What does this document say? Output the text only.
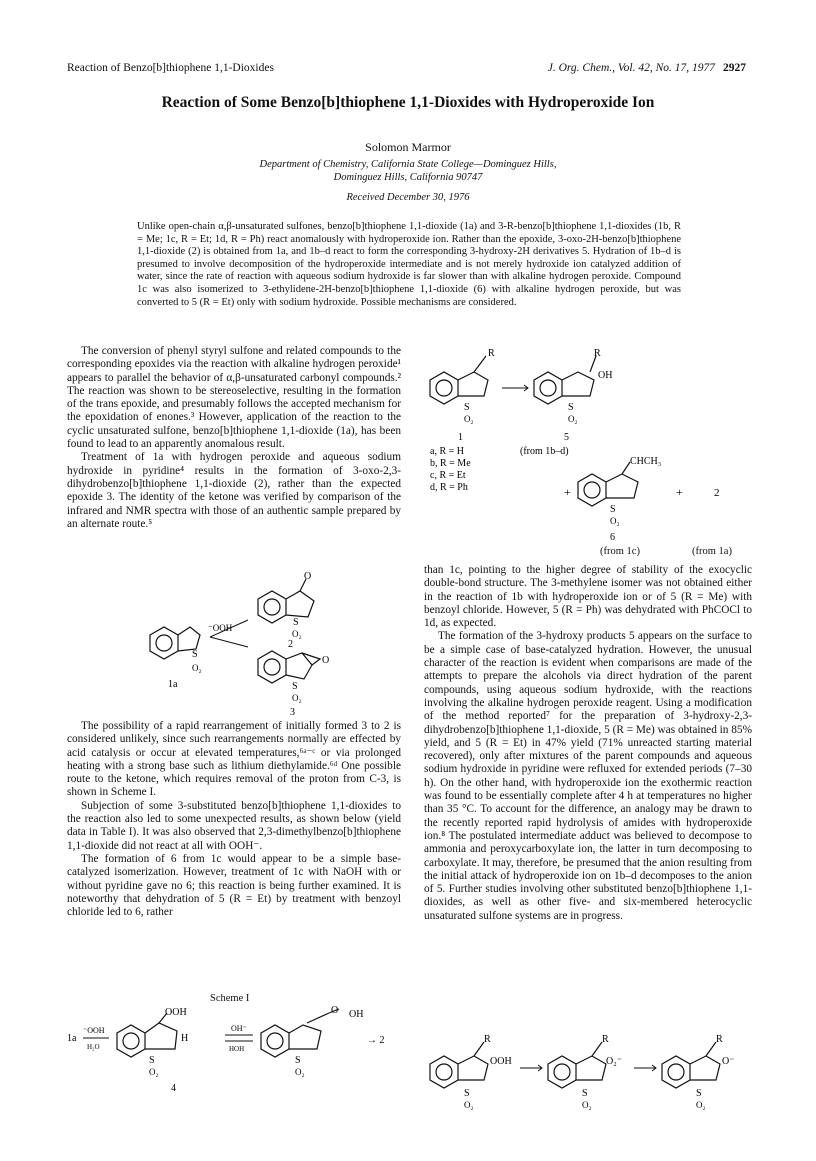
Reaction of Benzo[b]thiophene 1,1-Dioxides	J. Org. Chem., Vol. 42, No. 17, 1977 2927
Reaction of Some Benzo[b]thiophene 1,1-Dioxides with Hydroperoxide Ion
Solomon Marmor
Department of Chemistry, California State College—Dominguez Hills,
Dominguez Hills, California 90747
Received December 30, 1976
Unlike open-chain α,β-unsaturated sulfones, benzo[b]thiophene 1,1-dioxide (1a) and 3-R-benzo[b]thiophene 1,1-dioxides (1b, R = Me; 1c, R = Et; 1d, R = Ph) react anomalously with hydroperoxide ion. Rather than the epoxide, 3-oxo-2H-benzo[b]thiophene 1,1-dioxide (2) is obtained from 1a, and 1b–d react to form the corresponding 3-hydroxy-2H derivatives 5. Hydration of 1b–d is presumed to involve decomposition of the hydroperoxide intermediate and is not merely hydroxide ion catalyzed addition of water, since the rate of reaction with aqueous sodium hydroxide is far slower than with alkaline hydrogen peroxide. Compound 1c was also isomerized to 3-ethylidene-2H-benzo[b]thiophene 1,1-dioxide (6) with alkaline hydrogen peroxide, but was converted to 5 (R = Et) only with sodium hydroxide. Possible mechanisms are considered.

The conversion of phenyl styryl sulfone and related compounds to the corresponding epoxides via the reaction with alkaline hydrogen peroxide¹ appears to parallel the behavior of α,β-unsaturated carbonyl compounds.² The reaction was shown to be stereoselective, resulting in the formation of the trans epoxide, and presumably follows the accepted mechanism for the epoxidation of enones.³ However, application of the reaction to the cyclic unsaturated sulfone, benzo[b]thiophene 1,1-dioxide (1a), has been found to lead to an apparently anomalous result.

Treatment of 1a with hydrogen peroxide and aqueous sodium hydroxide in pyridine⁴ results in the formation of 3-oxo-2,3-dihydrobenzo[b]thiophene 1,1-dioxide (2), rather than the expected epoxide 3. The identity of the ketone was verified by comparison of the infrared and NMR spectra with those of an authentic sample prepared by an alternate route.⁵

S
O₂
1a
⁻OOH
O
S
O₂
2
O
S
O₂
3

The possibility of a rapid rearrangement of initially formed 3 to 2 is considered unlikely, since such rearrangements normally are effected by acid catalysis or occur at elevated temperatures,⁶ᵃ⁻ᶜ or via prolonged heating with a strong base such as lithium diethylamide.⁶ᵈ One possible route to the ketone, which requires removal of the proton from C-3, is shown in Scheme I.

Subjection of some 3-substituted benzo[b]thiophene 1,1-dioxides to the reaction also led to some unexpected results, as shown below (yield data in Table I). It was also observed that 2,3-dimethylbenzo[b]thiophene 1,1-dioxide did not react at all with OOH⁻.

The formation of 6 from 1c would appear to be a simple base-catalyzed isomerization. However, treatment of 1c with NaOH with or without pyridine gave no 6; this reaction is being further examined. It is noteworthy that dehydration of 5 (R = Et) by treatment with benzoyl chloride led to 6, rather

Scheme I
1a
⁻OOH
H₂O
OOH
H
S
O₂
4
OH⁻
HOH
O OH
S
O₂
→ 2
R
S
O₂
R
OH
S
O₂
1	5
a, R = H
b, R = Me
c, R = Et
d, R = Ph
(from 1b–d)
+
CHCH₃
S
O₂
+	2
6
(from 1c)	(from 1a)

than 1c, pointing to the higher degree of stability of the exocyclic double-bond structure. The 3-methylene isomer was not obtained either in the reaction of 1b with hydroperoxide ion or of 5 (R = Me) with benzoyl chloride. However, 5 (R = Ph) was dehydrated with PhCOCl to 1d, as expected.

The formation of the 3-hydroxy products 5 appears on the surface to be a simple case of base-catalyzed hydration. However, the unusual character of the reaction is evident when comparisons are made of the attempts to prepare the alcohols via direct hydration of the parent compounds, using aqueous sodium hydroxide, with the reactions involving the alkaline hydrogen peroxide reagent. Using a modification of the method reported⁷ for the preparation of 3-hydroxy-2,3-dihydrobenzo[b]thiophene 1,1-dioxide, 5 (R = Me) was obtained in 85% yield, and 5 (R = Et) in 47% yield (71% unreacted starting material recovered), only after mixtures of the parent compounds and aqueous sodium hydroxide in pyridine were refluxed for extended periods (7–30 h). On the other hand, with hydroperoxide ion the exothermic reaction was found to be essentially complete after 4 h at temperatures no higher than 35 °C. To account for the difference, an analogy may be drawn to the recently reported rapid hydrolysis of amides with hydroperoxide ion.⁸ The postulated intermediate adduct was believed to decompose to ammonia and peroxycarboxylate ion, the latter in turn decomposing to carboxylate. It may, therefore, be presumed that the anion resulting from the initial attack of hydroperoxide ion on 1b–d decomposes to the anion of 5. Further studies involving other substituted benzo[b]thiophene 1,1-dioxides, as well as other five- and six-membered heterocyclic unsaturated sulfone systems are in progress.

R
OOH
S
O₂
R
O₂⁻
S
O₂
R
O⁻
S
O₂
